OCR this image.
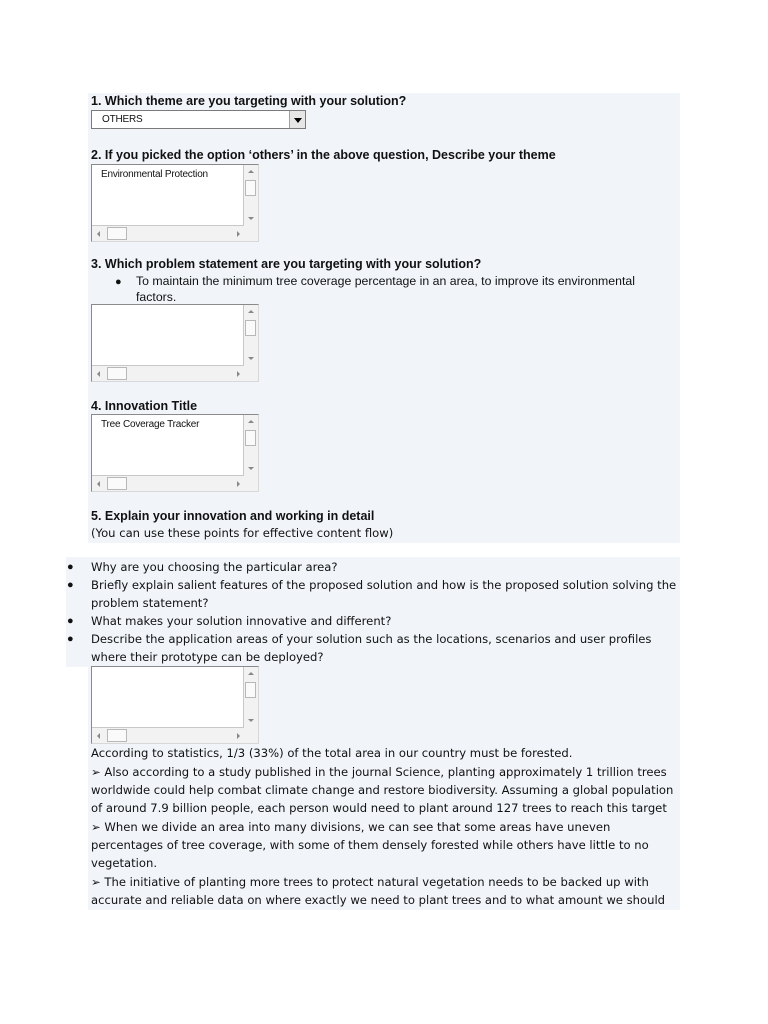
1. Which theme are you targeting with your solution?
OTHERS
2. If you picked the option ‘others’ in the above question, Describe your theme
Environmental Protection
3. Which problem statement are you targeting with your solution?
● To maintain the minimum tree coverage percentage in an area, to improve its environmental
factors.
4. Innovation Title
Tree Coverage Tracker
5. Explain your innovation and working in detail
(You can use these points for effective content flow)
● Why are you choosing the particular area?
● Briefly explain salient features of the proposed solution and how is the proposed solution solving the
problem statement?
● What makes your solution innovative and different?
● Describe the application areas of your solution such as the locations, scenarios and user profiles
where their prototype can be deployed?
According to statistics, 1/3 (33%) of the total area in our country must be forested.
➢ Also according to a study published in the journal Science, planting approximately 1 trillion trees
worldwide could help combat climate change and restore biodiversity. Assuming a global population
of around 7.9 billion people, each person would need to plant around 127 trees to reach this target
➢ When we divide an area into many divisions, we can see that some areas have uneven
percentages of tree coverage, with some of them densely forested while others have little to no
vegetation.
➢ The initiative of planting more trees to protect natural vegetation needs to be backed up with
accurate and reliable data on where exactly we need to plant trees and to what amount we should
